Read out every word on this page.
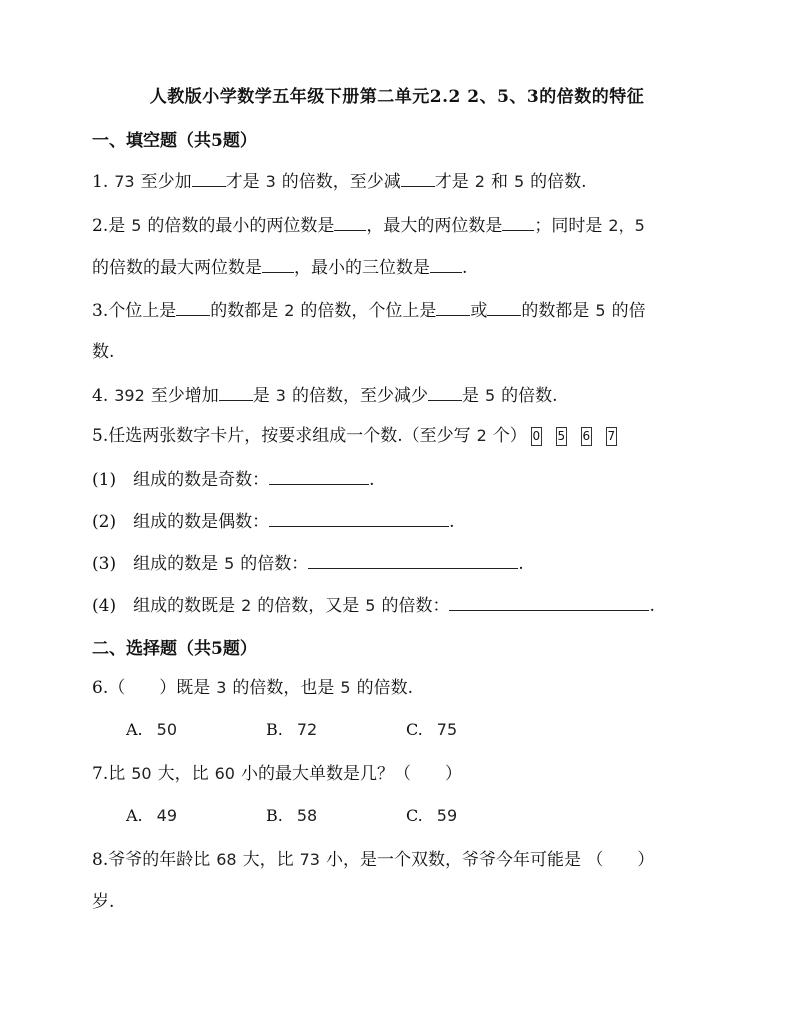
人教版小学数学五年级下册第二单元2.2 2、5、3的倍数的特征
一、填空题（共5题）
1. 73 至少加 才是 3 的倍数，至少减 才是 2 和 5 的倍数.
2.是 5 的倍数的最小的两位数是 ，最大的两位数是 ；同时是 2，5
的倍数的最大两位数是 ，最小的三位数是 .
3.个位上是 的数都是 2 的倍数，个位上是 或 的数都是 5 的倍
数.
4. 392 至少增加 是 3 的倍数，至少减少 是 5 的倍数.
5.任选两张数字卡片，按要求组成一个数.（至少写 2 个） 0 5 6 7
(1)　组成的数是奇数：	.
(2)　组成的数是偶数：	.
(3)　组成的数是 5 的倍数：	.
(4)　组成的数既是 2 的倍数，又是 5 的倍数：	.
二、选择题（共5题）
6.（　　）既是 3 的倍数，也是 5 的倍数.
A. 50	B. 72	C. 75
7.比 50 大，比 60 小的最大单数是几？（　　）
A. 49	B. 58	C. 59
8.爷爷的年龄比 68 大，比 73 小，是一个双数，爷爷今年可能是 （　　）
岁.
